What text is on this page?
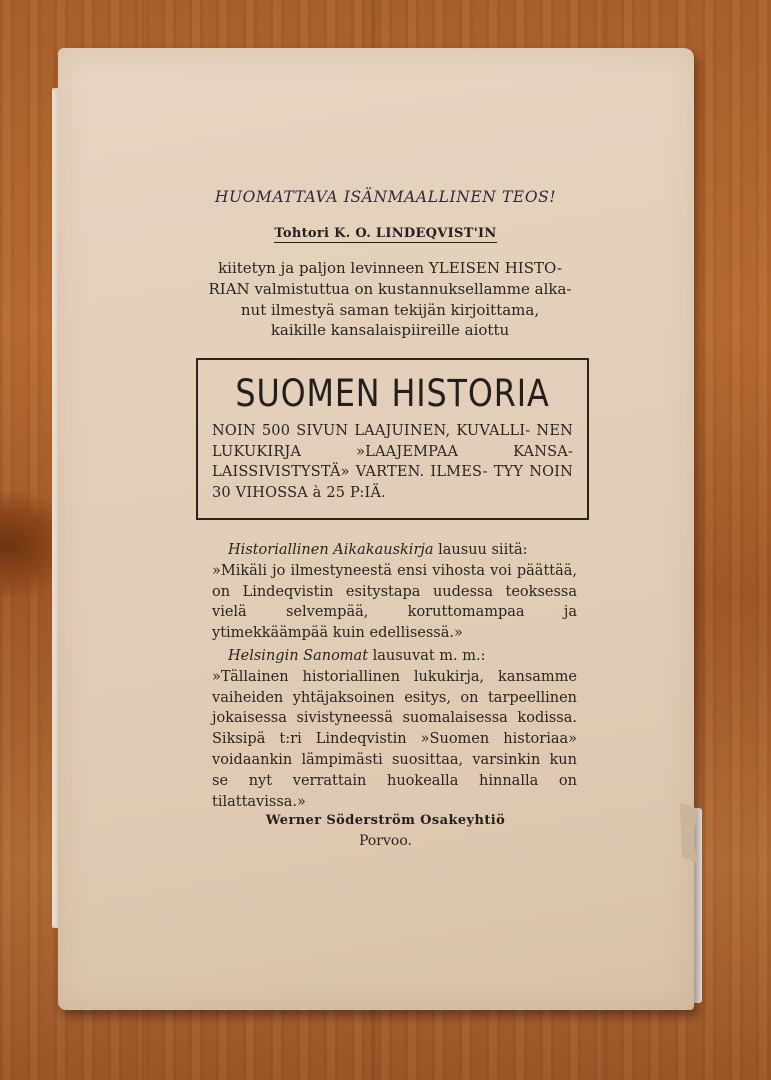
HUOMATTAVA ISÄNMAALLINEN TEOS!
Tohtori K. O. LINDEQVIST'IN
kiitetyn ja paljon levinneen YLEISEN HISTO-
RIAN valmistuttua on kustannuksellamme alka-
nut ilmestyä saman tekijän kirjoittama,
kaikille kansalaispiireille aiottu
SUOMEN HISTORIA
NOIN 500 SIVUN LAAJUINEN, KUVALLI- NEN LUKUKIRJA »LAAJEMPAA KANSA- LAISSIVISTYSTÄ» VARTEN. ILMES- TYY NOIN 30 VIHOSSA à 25 P:IÄ.
Historiallinen Aikakauskirja lausuu siitä:
»Mikäli jo ilmestyneestä ensi vihosta voi päättää, on Lindeqvistin esitystapa uudessa teoksessa vielä selvempää, koruttomampaa ja ytimekkäämpää kuin edellisessä.»
Helsingin Sanomat lausuvat m. m.:
»Tällainen historiallinen lukukirja, kansamme vaiheiden yhtäjaksoinen esitys, on tarpeellinen jokaisessa sivistyneessä suomalaisessa kodissa. Siksipä t:ri Lindeqvistin »Suomen historiaa» voidaankin lämpimästi suosittaa, varsinkin kun se nyt verrattain huokealla hinnalla on tilattavissa.»
Werner Söderström Osakeyhtiö
Porvoo.
